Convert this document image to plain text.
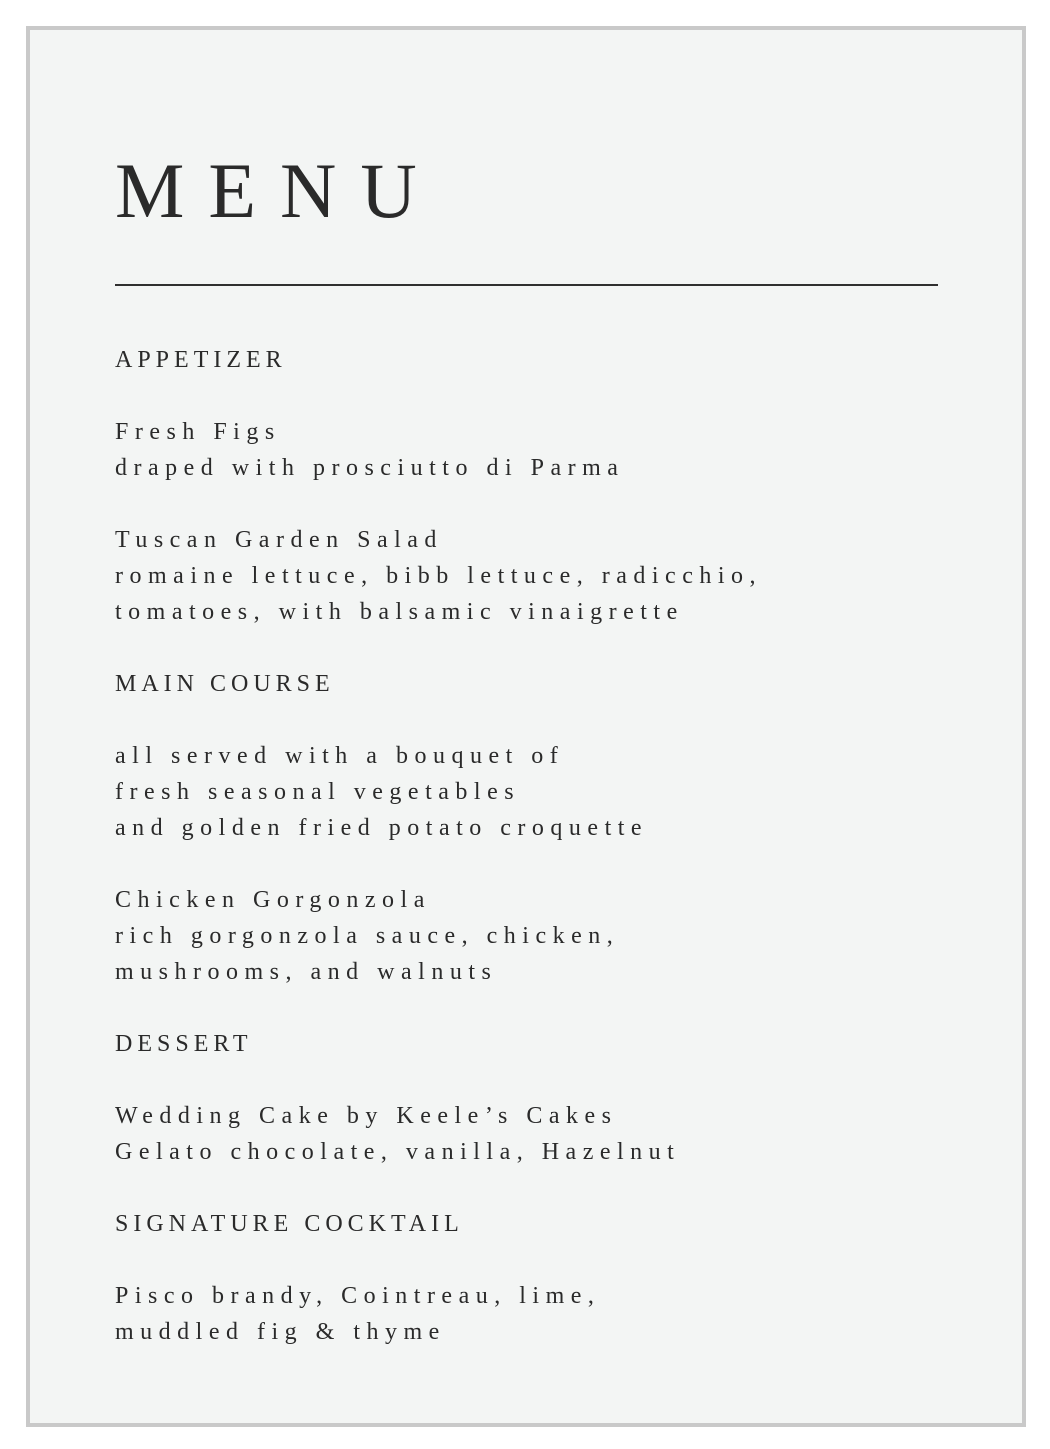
MENU
APPETIZER
Fresh Figs
draped with prosciutto di Parma
Tuscan Garden Salad
romaine lettuce, bibb lettuce, radicchio,
tomatoes, with balsamic vinaigrette
MAIN COURSE
all served with a bouquet of
fresh seasonal vegetables
and golden fried potato croquette
Chicken Gorgonzola
rich gorgonzola sauce, chicken,
mushrooms, and walnuts
DESSERT
Wedding Cake by Keele’s Cakes
Gelato chocolate, vanilla, Hazelnut
SIGNATURE COCKTAIL
Pisco brandy, Cointreau, lime,
muddled fig & thyme
